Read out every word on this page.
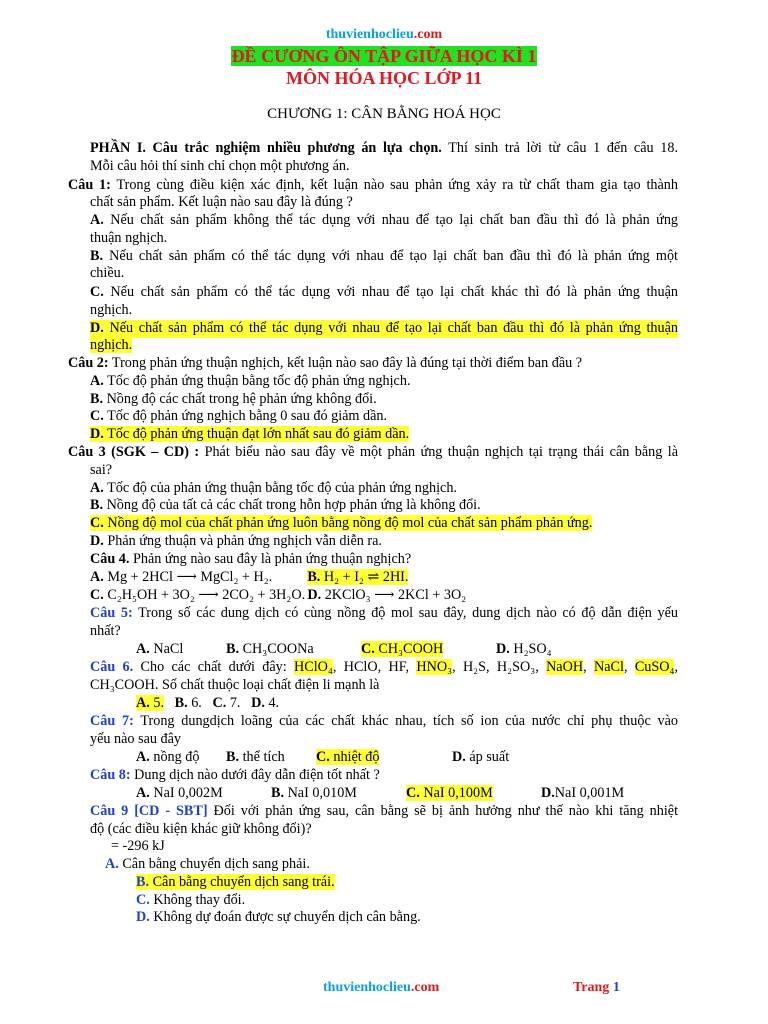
thuvienhoclieu.com
ĐỀ CƯƠNG ÔN TẬP GIỮA HỌC KÌ 1
MÔN HÓA HỌC LỚP 11
CHƯƠNG 1: CÂN BẰNG HOÁ HỌC
PHẦN I. Câu trắc nghiệm nhiều phương án lựa chọn. Thí sinh trả lời từ câu 1 đến câu 18.
Mỗi câu hỏi thí sinh chỉ chọn một phương án.
Câu 1: Trong cùng điều kiện xác định, kết luận nào sau phản ứng xảy ra từ chất tham gia tạo thành
chất sản phẩm. Kết luận nào sau đây là đúng ?
A. Nếu chất sản phẩm không thể tác dụng với nhau để tạo lại chất ban đầu thì đó là phản ứng
thuận nghịch.
B. Nếu chất sản phẩm có thể tác dụng với nhau để tạo lại chất ban đầu thì đó là phản ứng một
chiều.
C. Nếu chất sản phẩm có thể tác dụng với nhau để tạo lại chất khác thì đó là phản ứng thuận
nghịch.
D. Nếu chất sản phẩm có thể tác dụng với nhau để tạo lại chất ban đầu thì đó là phản ứng thuận
nghịch.
Câu 2: Trong phản ứng thuận nghịch, kết luận nào sao đây là đúng tại thời điểm ban đầu ?
A. Tốc độ phản ứng thuận bằng tốc độ phản ứng nghịch.
B. Nồng độ các chất trong hệ phản ứng không đổi.
C. Tốc độ phản ứng nghịch bằng 0 sau đó giảm dần.
D. Tốc độ phản ứng thuận đạt lớn nhất sau đó giảm dần.
Câu 3 (SGK – CD) : Phát biểu nào sau đây về một phản ứng thuận nghịch tại trạng thái cân bằng là
sai?
A. Tốc độ của phản ứng thuận bằng tốc độ của phản ứng nghịch.
B. Nồng độ của tất cả các chất trong hỗn hợp phản ứng là không đổi.
C. Nồng độ mol của chất phản ứng luôn bằng nồng độ mol của chất sản phẩm phản ứng.
D. Phản ứng thuận và phản ứng nghịch vẫn diễn ra.
Câu 4. Phản ứng nào sau đây là phản ứng thuận nghịch?
A. Mg + 2HCl ⟶ MgCl₂ + H₂. B. H₂ + I₂ ⇌ 2HI.
C. C₂H₅OH + 3O₂ ⟶ 2CO₂ + 3H₂O. D. 2KClO₃ ⟶ 2KCl + 3O₂
Câu 5: Trong số các dung dịch có cùng nồng độ mol sau đây, dung dịch nào có độ dẫn điện yếu
nhất?
A. NaCl	B. CH₃COONa	C. CH₃COOH	D. H₂SO₄
Câu 6. Cho các chất dưới đây: HClO₄, HClO, HF, HNO₃, H₂S, H₂SO₃, NaOH, NaCl, CuSO₄,
CH₃COOH. Số chất thuộc loại chất điện li mạnh là
A. 5. B. 6. C. 7. D. 4.
Câu 7: Trong dungdịch loãng của các chất khác nhau, tích số ion của nước chỉ phụ thuộc vào
yếu nào sau đây
A. nồng độ B. thể tích C. nhiệt độ	D. áp suất
Câu 8: Dung dịch nào dưới đây dẫn điện tốt nhất ?
A. NaI 0,002M	B. NaI 0,010M	C. NaI 0,100M	D.NaI 0,001M
Câu 9 [CD - SBT] Đối với phản ứng sau, cân bằng sẽ bị ảnh hưởng như thế nào khi tăng nhiệt
độ (các điều kiện khác giữ không đổi)?
= -296 kJ
A. Cân bằng chuyển dịch sang phải.
B. Cân bằng chuyển dịch sang trái.
C. Không thay đổi.
D. Không dự đoán được sự chuyển dịch cân bằng.
thuvienhoclieu.com	Trang 1
